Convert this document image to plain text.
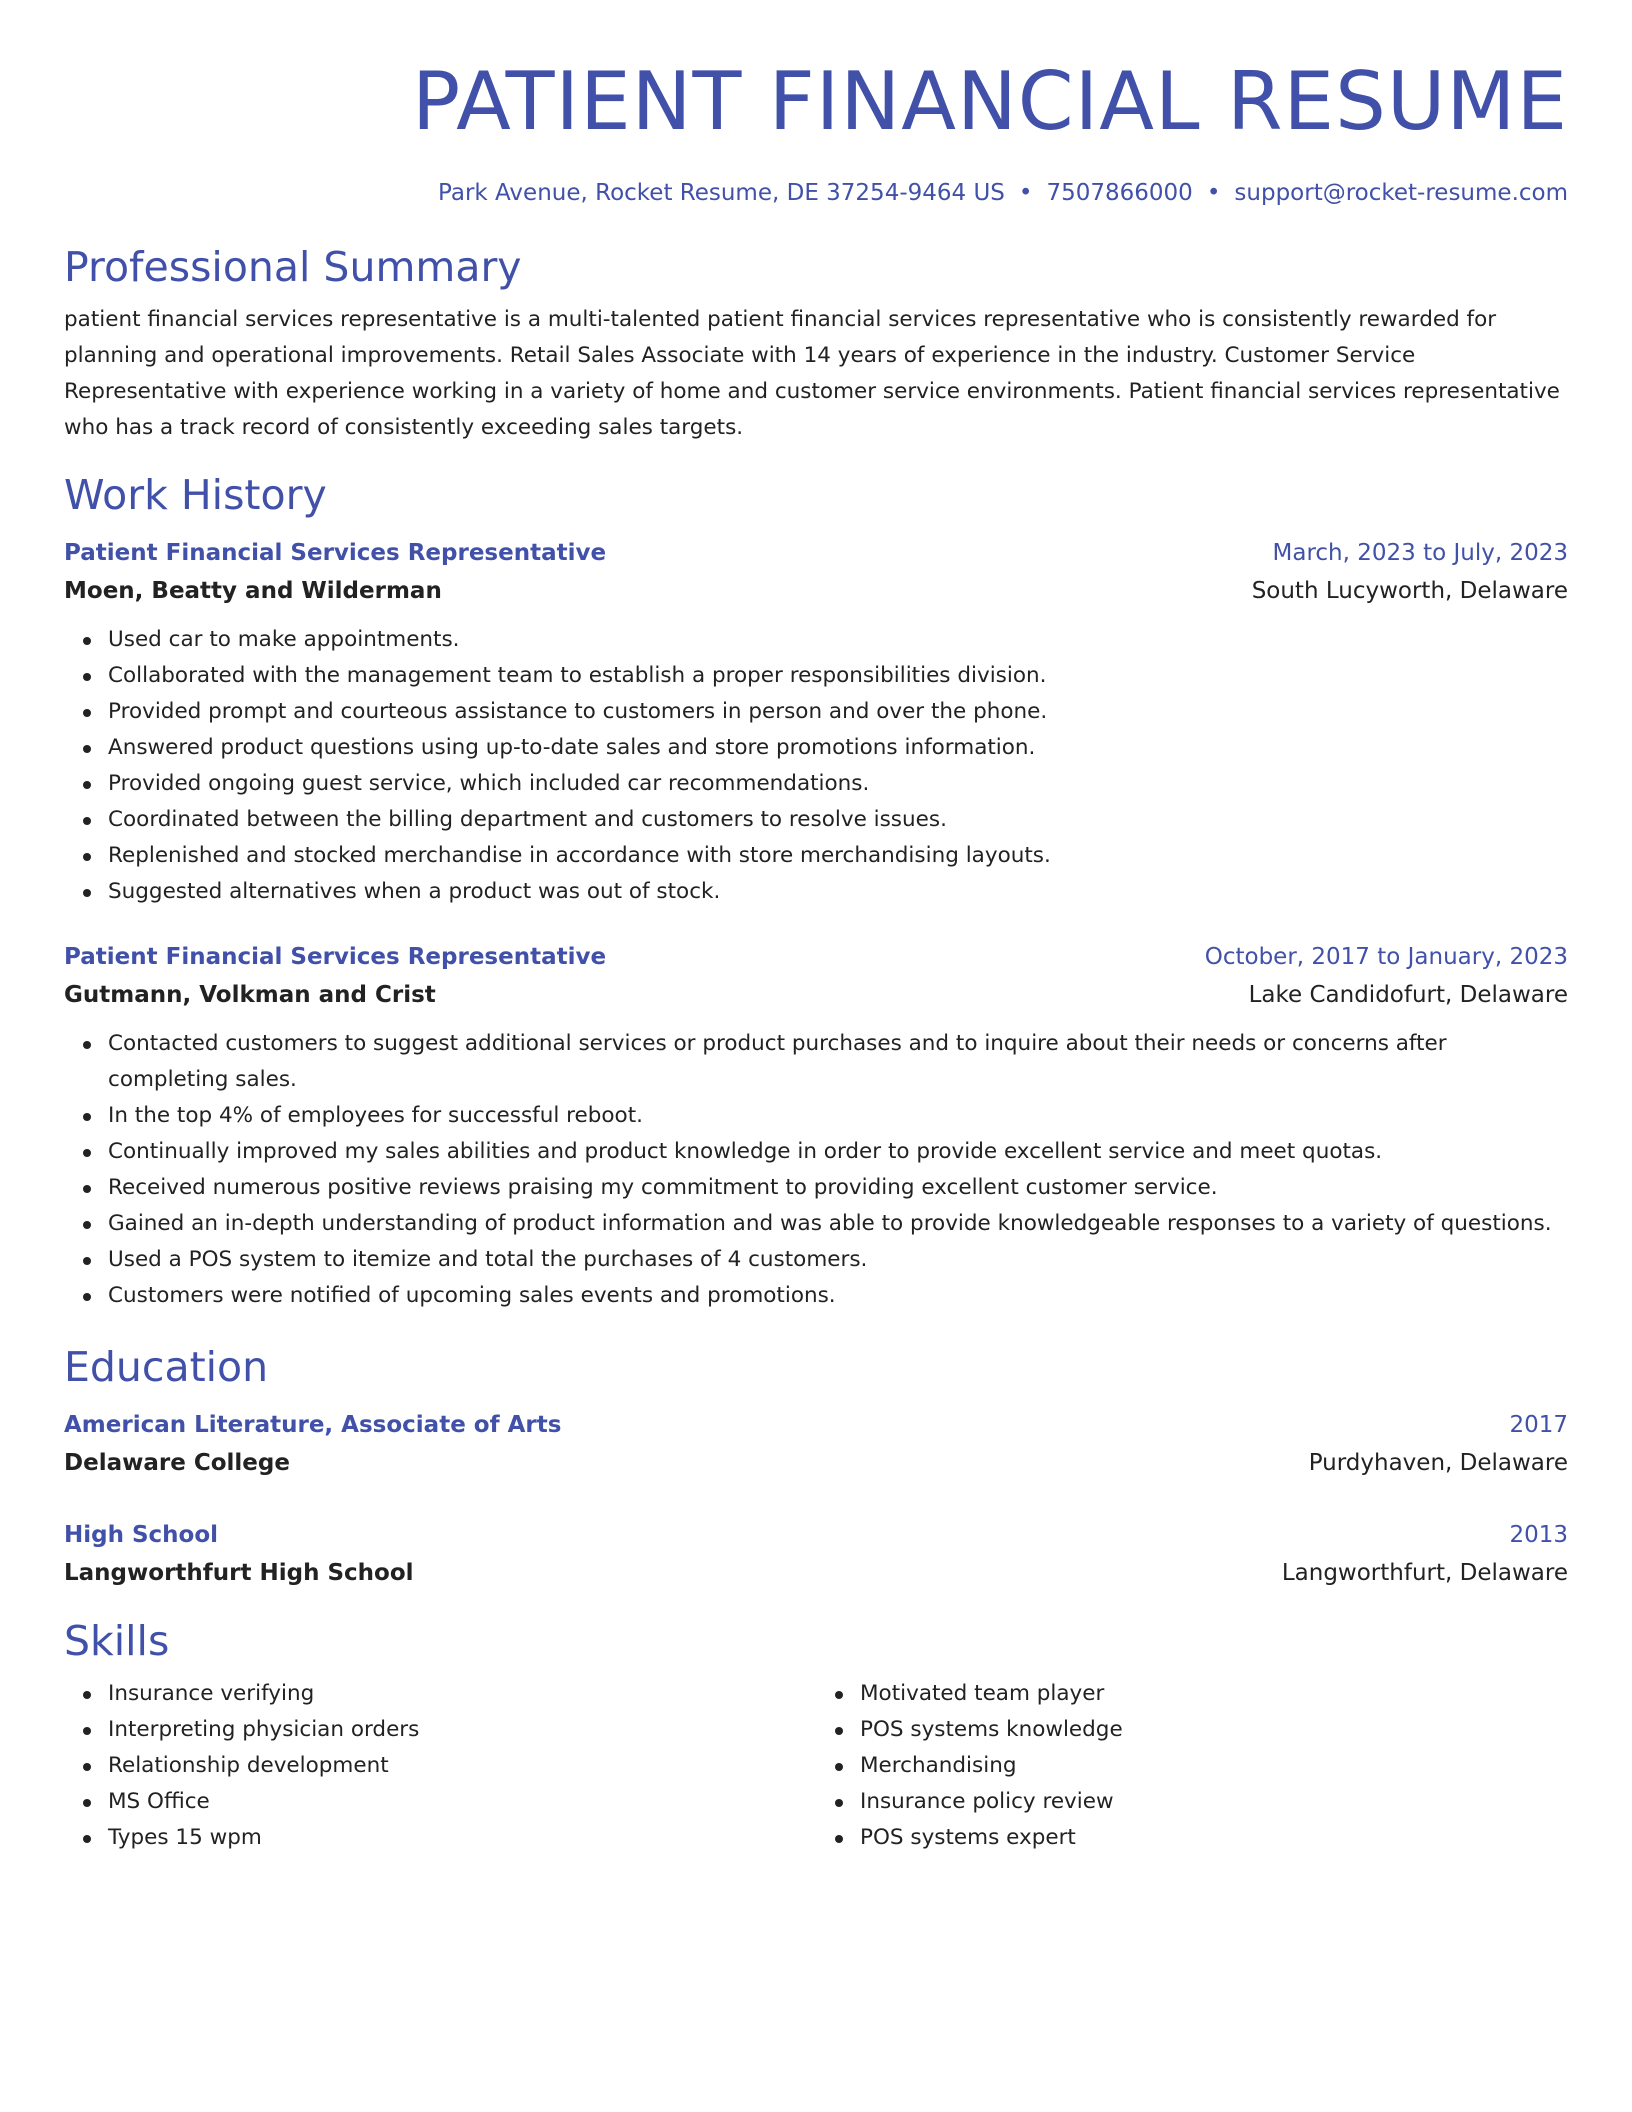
PATIENT FINANCIAL RESUME
Park Avenue, Rocket Resume, DE 37254-9464 US • 7507866000 • support@rocket-resume.com
Professional Summary

patient financial services representative is a multi-talented patient financial services representative who is consistently rewarded for planning and operational improvements. Retail Sales Associate with 14 years of experience in the industry. Customer Service Representative with experience working in a variety of home and customer service environments. Patient financial services representative who has a track record of consistently exceeding sales targets.

Work History
Patient Financial Services Representative	March, 2023 to July, 2023
Moen, Beatty and Wilderman	South Lucyworth, Delaware
Used car to make appointments.
Collaborated with the management team to establish a proper responsibilities division.
Provided prompt and courteous assistance to customers in person and over the phone.
Answered product questions using up-to-date sales and store promotions information.
Provided ongoing guest service, which included car recommendations.
Coordinated between the billing department and customers to resolve issues.
Replenished and stocked merchandise in accordance with store merchandising layouts.
Suggested alternatives when a product was out of stock.
Patient Financial Services Representative	October, 2017 to January, 2023
Gutmann, Volkman and Crist	Lake Candidofurt, Delaware
Contacted customers to suggest additional services or product purchases and to inquire about their needs or concerns after completing sales.
In the top 4% of employees for successful reboot.
Continually improved my sales abilities and product knowledge in order to provide excellent service and meet quotas.
Received numerous positive reviews praising my commitment to providing excellent customer service.
Gained an in-depth understanding of product information and was able to provide knowledgeable responses to a variety of questions.
Used a POS system to itemize and total the purchases of 4 customers.
Customers were notified of upcoming sales events and promotions.
Education
American Literature, Associate of Arts	2017
Delaware College	Purdyhaven, Delaware
High School	2013
Langworthfurt High School	Langworthfurt, Delaware
Skills
Insurance verifying
Interpreting physician orders
Relationship development
MS Office
Types 15 wpm
Motivated team player
POS systems knowledge
Merchandising
Insurance policy review
POS systems expert
